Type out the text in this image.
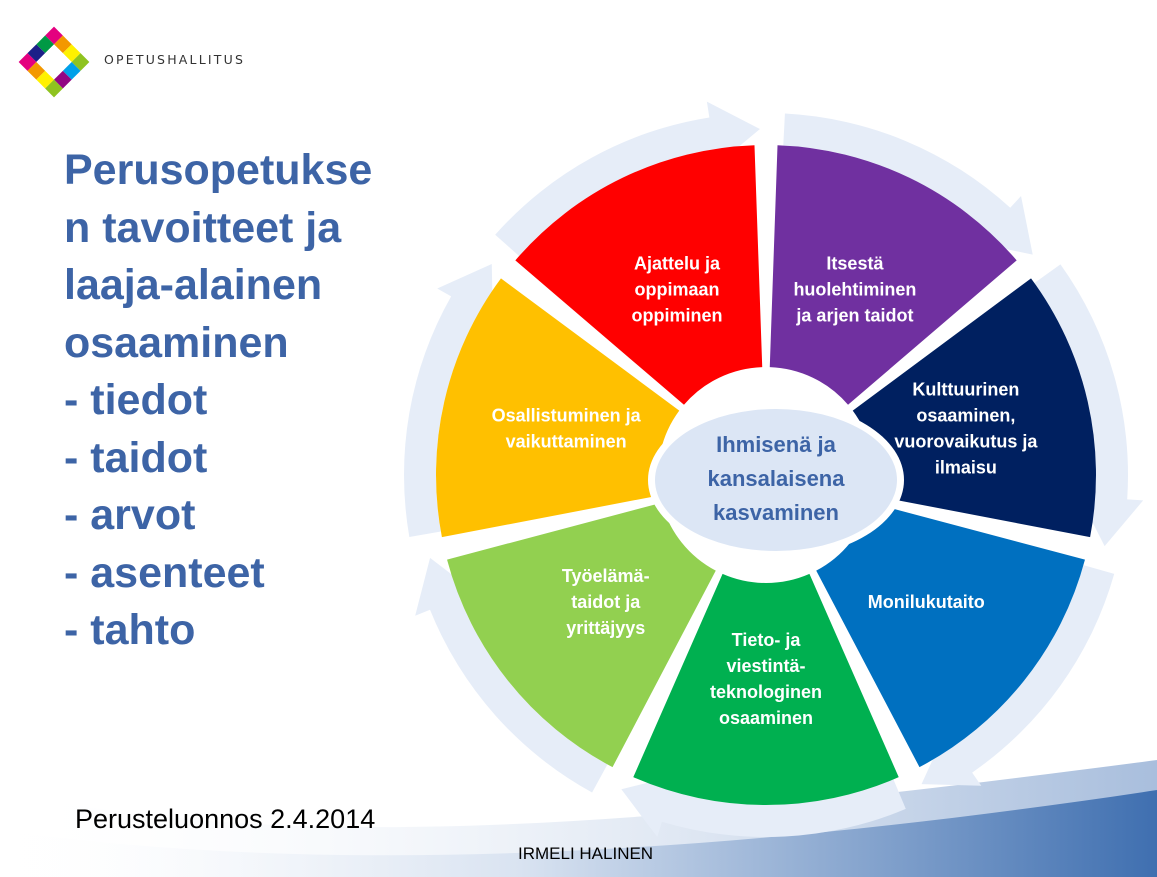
OPETUSHALLITUS
Perusopetukse
n tavoitteet ja
laaja-alainen
osaaminen
- tiedot
- taidot
- arvot
- asenteet
- tahto
Ajattelu ja oppimaan oppiminen
Itsestä huolehtiminen ja arjen taidot
Kulttuurinen osaaminen, vuorovaikutus ja ilmaisu
Monilukutaito
Tieto- ja viestintä-teknologinen osaaminen
Työelämä-taidot ja yrittäjyys
Osallistuminen ja vaikuttaminen	Ihmisenä ja kansalaisena kasvaminen
Perusteluonnos 2.4.2014
IRMELI HALINEN
